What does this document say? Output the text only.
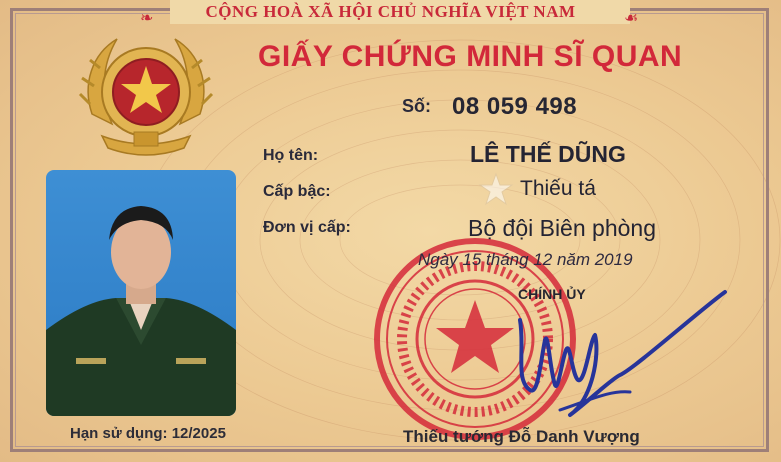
❧	☙
CỘNG HOÀ XÃ HỘI CHỦ NGHĨA VIỆT NAM
GIẤY CHỨNG MINH SĨ QUAN
Số: 08 059 498
Họ tên:	LÊ THẾ DŨNG
Cấp bậc:	Thiếu tá
Đơn vị cấp:	Bộ đội Biên phòng
Ngày 15 tháng 12 năm 2019
CHÍNH ỦY
Hạn sử dụng: 12/2025	Thiếu tướng Đỗ Danh Vượng
